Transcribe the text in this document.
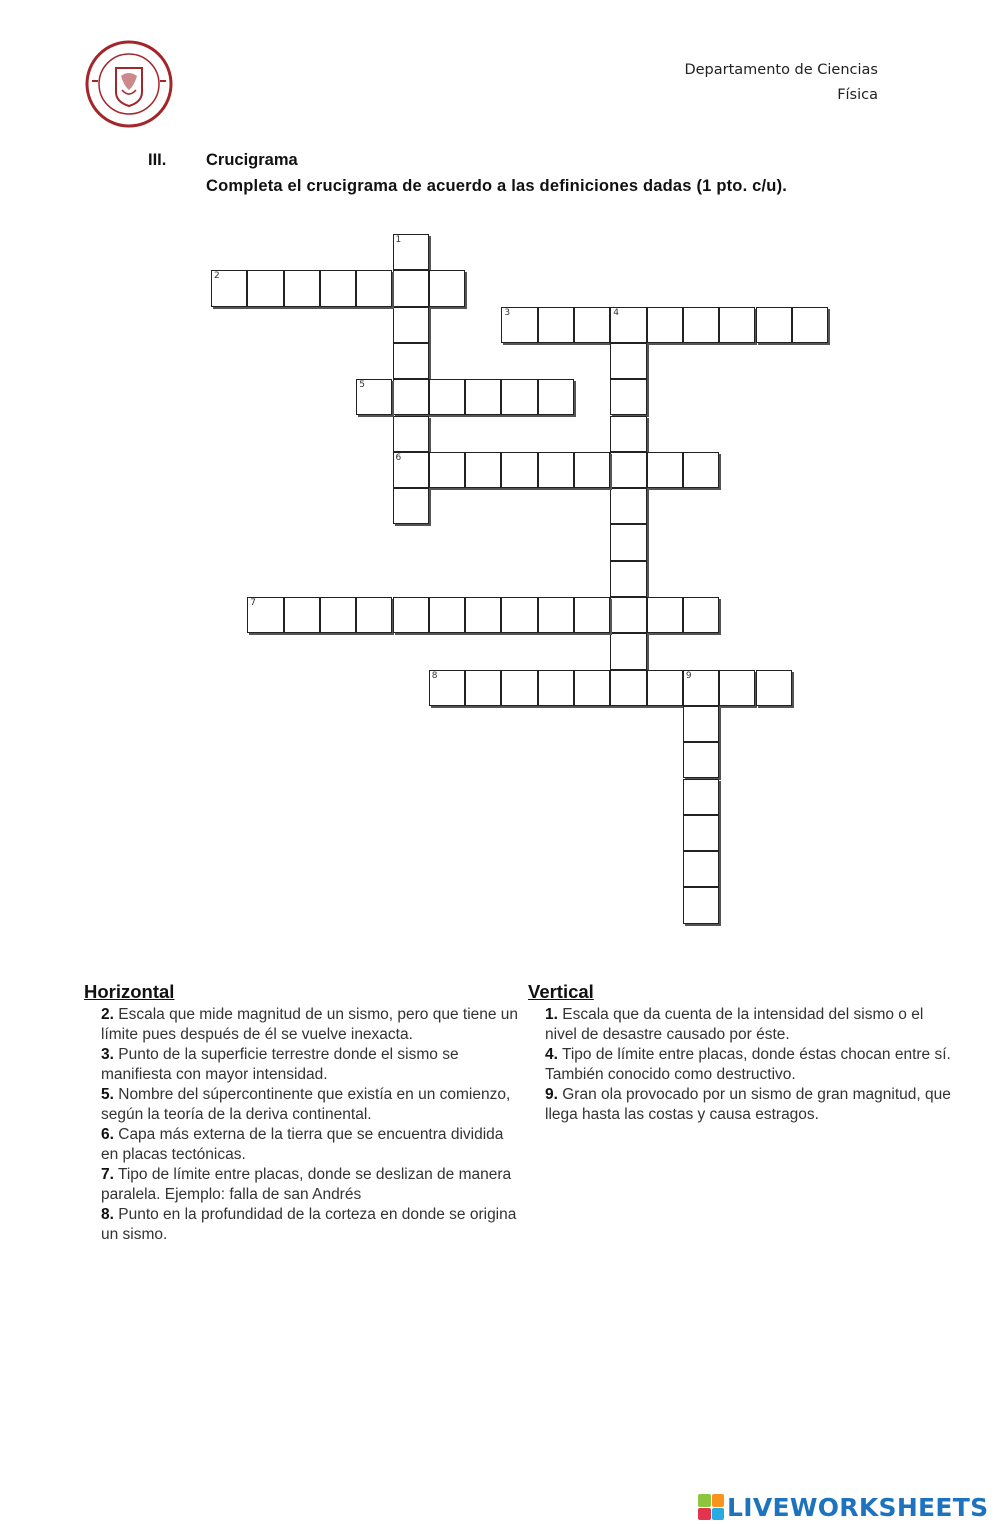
Departamento de Ciencias
Física
III. Crucigrama
Completa el crucigrama de acuerdo a las definiciones dadas (1 pto. c/u).
1
6
2
3	4
5
7
8	9
Horizontal
2. Escala que mide magnitud de un sismo, pero que tiene un límite pues después de él se vuelve inexacta.
3. Punto de la superficie terrestre donde el sismo se manifiesta con mayor intensidad.
5. Nombre del súpercontinente que existía en un comienzo, según la teoría de la deriva continental.
6. Capa más externa de la tierra que se encuentra dividida en placas tectónicas.
7. Tipo de límite entre placas, donde se deslizan de manera paralela. Ejemplo: falla de san Andrés
8. Punto en la profundidad de la corteza en donde se origina un sismo.
Vertical
1. Escala que da cuenta de la intensidad del sismo o el nivel de desastre causado por éste.
4. Tipo de límite entre placas, donde éstas chocan entre sí. También conocido como destructivo.
9. Gran ola provocado por un sismo de gran magnitud, que llega hasta las costas y causa estragos.
LIVEWORKSHEETS
